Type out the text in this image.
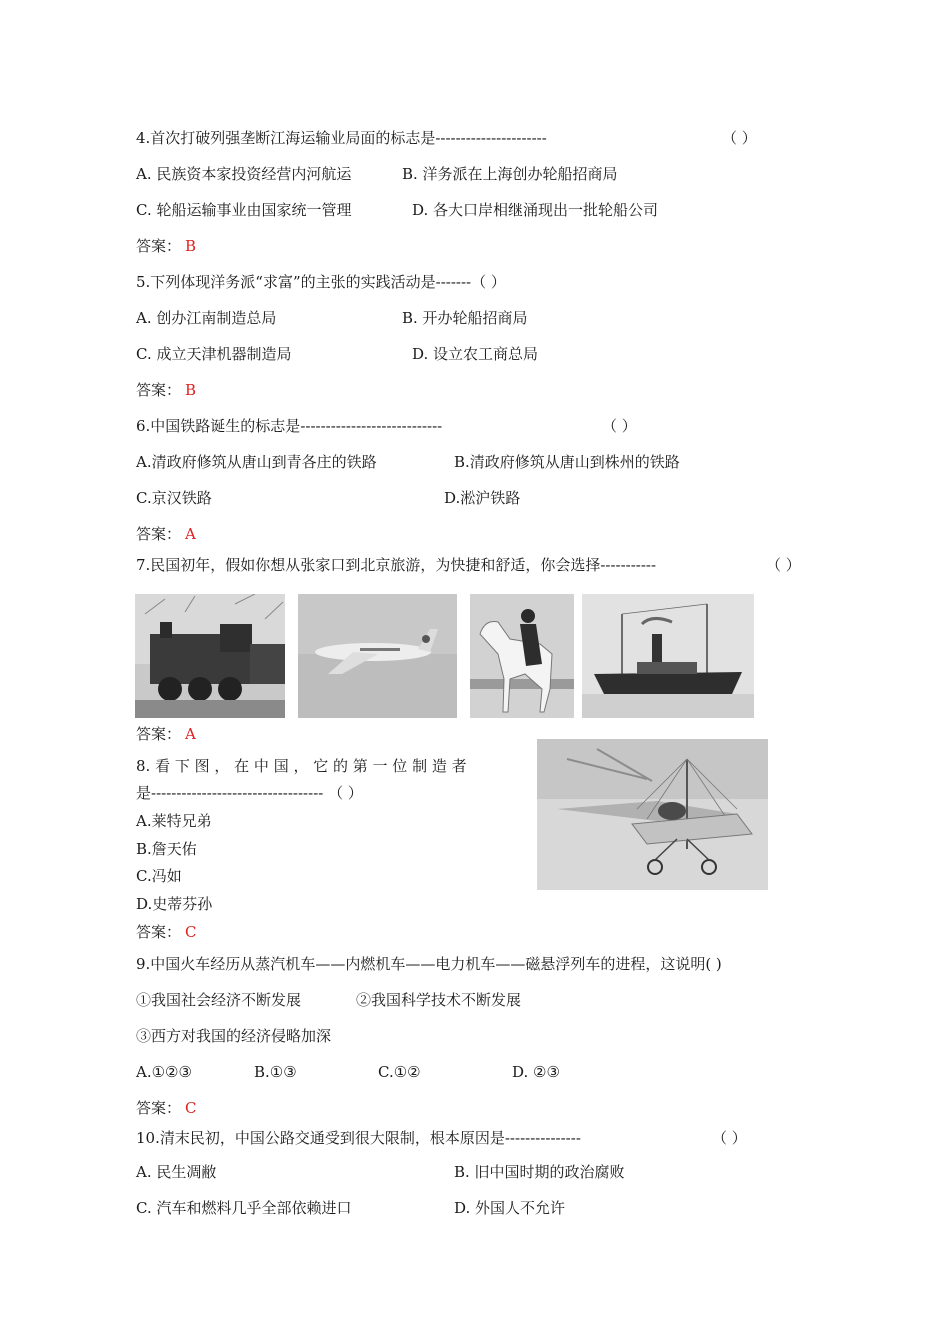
4.首次打破列强垄断江海运输业局面的标志是----------------------	（ ）
A. 民族资本家投资经营内河航运	B. 洋务派在上海创办轮船招商局
C. 轮船运输事业由国家统一管理	D. 各大口岸相继涌现出一批轮船公司
答案： B
5.下列体现洋务派“求富”的主张的实践活动是-------（ ）
A. 创办江南制造总局	B. 开办轮船招商局
C. 成立天津机器制造局	D. 设立农工商总局
答案： B
6.中国铁路诞生的标志是----------------------------	（ ）
A.清政府修筑从唐山到青各庄的铁路	B.清政府修筑从唐山到株州的铁路
C.京汉铁路	D.淞沪铁路
答案： A
7.民国初年，假如你想从张家口到北京旅游，为快捷和舒适，你会选择-----------	（ ）
答案： A
8. 看 下 图 ， 在 中 国 ， 它 的 第 一 位 制 造 者
是---------------------------------- （ ）
A.莱特兄弟
B.詹天佑
C.冯如
D.史蒂芬孙
答案： C
9.中国火车经历从蒸汽机车——内燃机车——电力机车——磁悬浮列车的进程，这说明( )
①我国社会经济不断发展	②我国科学技术不断发展
③西方对我国的经济侵略加深
A.①②③	B.①③	C.①②	D. ②③
答案： C
10.清末民初，中国公路交通受到很大限制，根本原因是---------------	（ ）
A. 民生凋敝	B. 旧中国时期的政治腐败
C. 汽车和燃料几乎全部依赖进口	D. 外国人不允许
